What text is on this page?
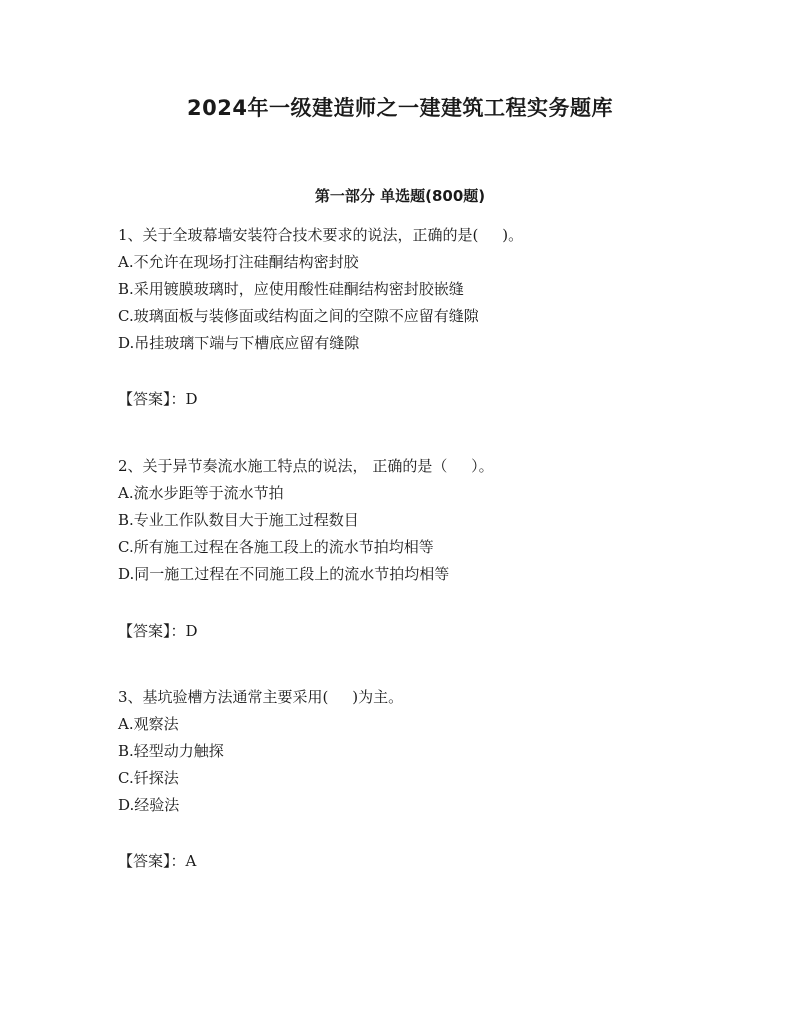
2024年一级建造师之一建建筑工程实务题库
第一部分 单选题(800题)
1、关于全玻幕墙安装符合技术要求的说法，正确的是(     )。
A.不允许在现场打注硅酮结构密封胶
B.采用镀膜玻璃时，应使用酸性硅酮结构密封胶嵌缝
C.玻璃面板与装修面或结构面之间的空隙不应留有缝隙
D.吊挂玻璃下端与下槽底应留有缝隙
【答案】：D
2、关于异节奏流水施工特点的说法， 正确的是（     ）。
A.流水步距等于流水节拍
B.专业工作队数目大于施工过程数目
C.所有施工过程在各施工段上的流水节拍均相等
D.同一施工过程在不同施工段上的流水节拍均相等
【答案】：D
3、基坑验槽方法通常主要采用(     )为主。
A.观察法
B.轻型动力触探
C.钎探法
D.经验法
【答案】：A
